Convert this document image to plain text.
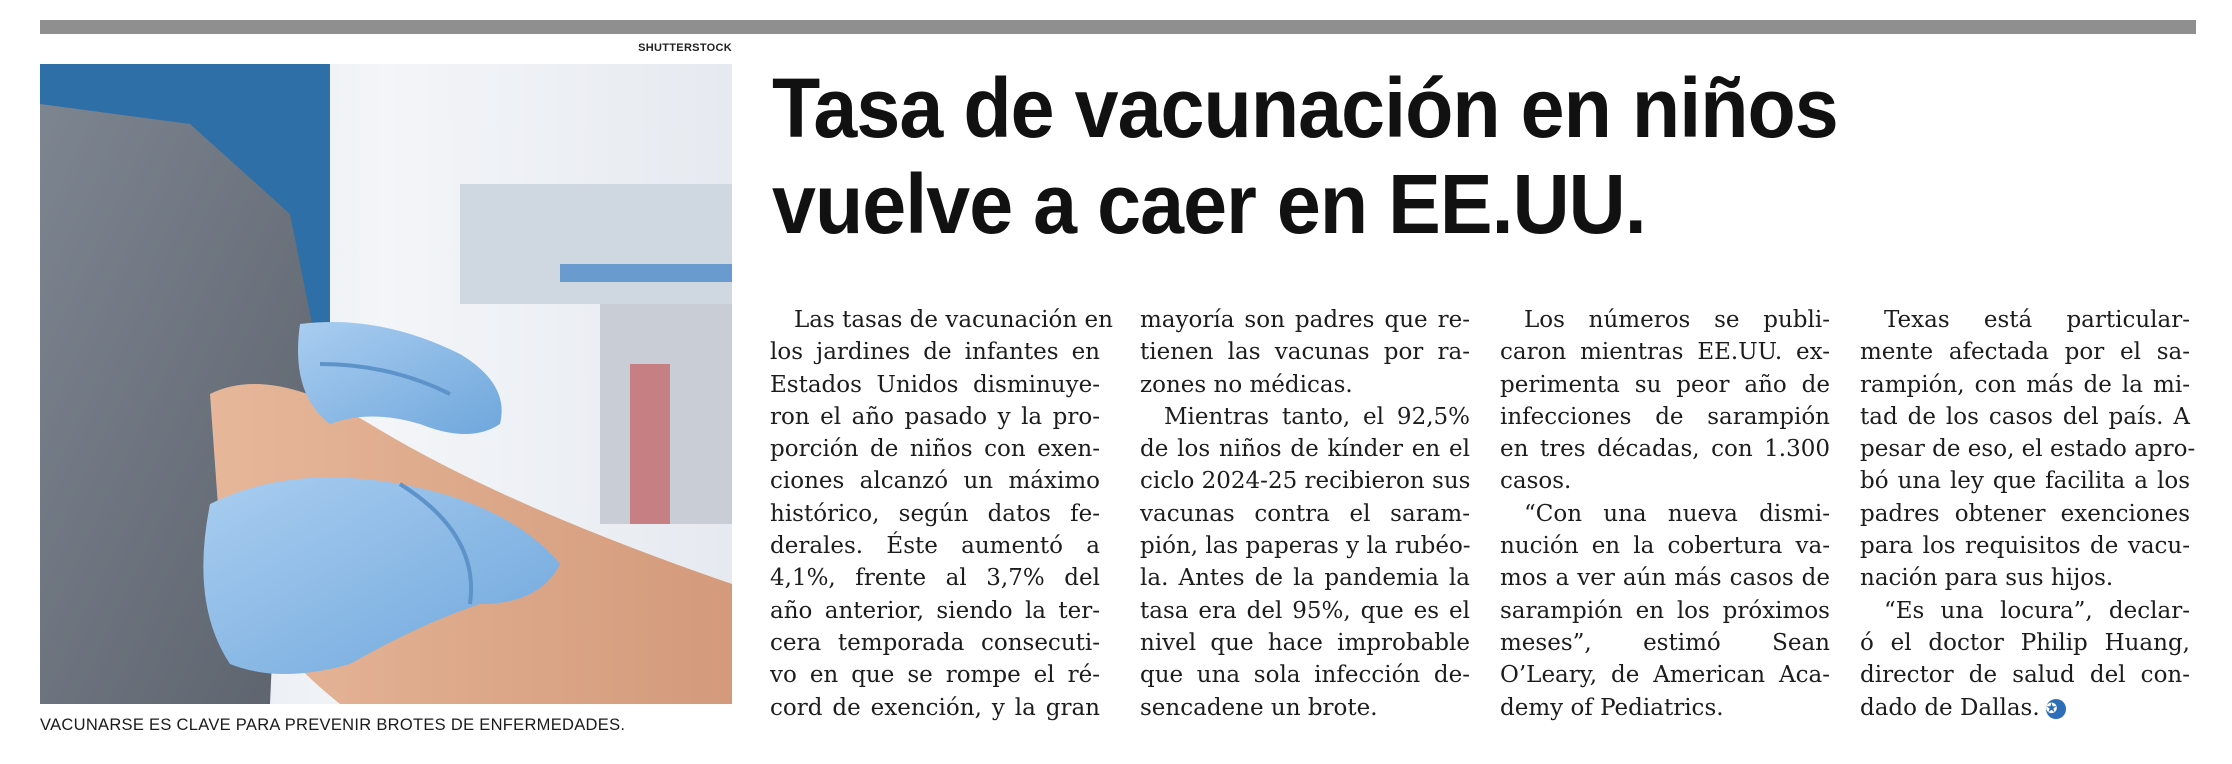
SHUTTERSTOCK
VACUNARSE ES CLAVE PARA PREVENIR BROTES DE ENFERMEDADES.
Tasa de vacunación en niños
vuelve a caer en EE.UU.

Las tasas de vacunación en
los jardines de infantes en
Estados Unidos disminuye-
ron el año pasado y la pro-
porción de niños con exen-
ciones alcanzó un máximo
histórico, según datos fe-
derales. Éste aumentó a
4,1%, frente al 3,7% del
año anterior, siendo la ter-
cera temporada consecuti-
vo en que se rompe el ré-
cord de exención, y la gran

mayoría son padres que re-
tienen las vacunas por ra-
zones no médicas.

Mientras tanto, el 92,5%
de los niños de kínder en el
ciclo 2024-25 recibieron sus
vacunas contra el saram-
pión, las paperas y la rubéo-
la. Antes de la pandemia la
tasa era del 95%, que es el
nivel que hace improbable
que una sola infección de-
sencadene un brote.

Los números se publi-
caron mientras EE.UU. ex-
perimenta su peor año de
infecciones de sarampión
en tres décadas, con 1.300
casos.

“Con una nueva dismi-
nución en la cobertura va-
mos a ver aún más casos de
sarampión en los próximos
meses”, estimó Sean
O’Leary, de American Aca-
demy of Pediatrics.

Texas está particular-
mente afectada por el sa-
rampión, con más de la mi-
tad de los casos del país. A
pesar de eso, el estado apro-
bó una ley que facilita a los
padres obtener exenciones
para los requisitos de vacu-
nación para sus hijos.

“Es una locura”, declar-
ó el doctor Philip Huang,
director de salud del con-
dado de Dallas. ✪
